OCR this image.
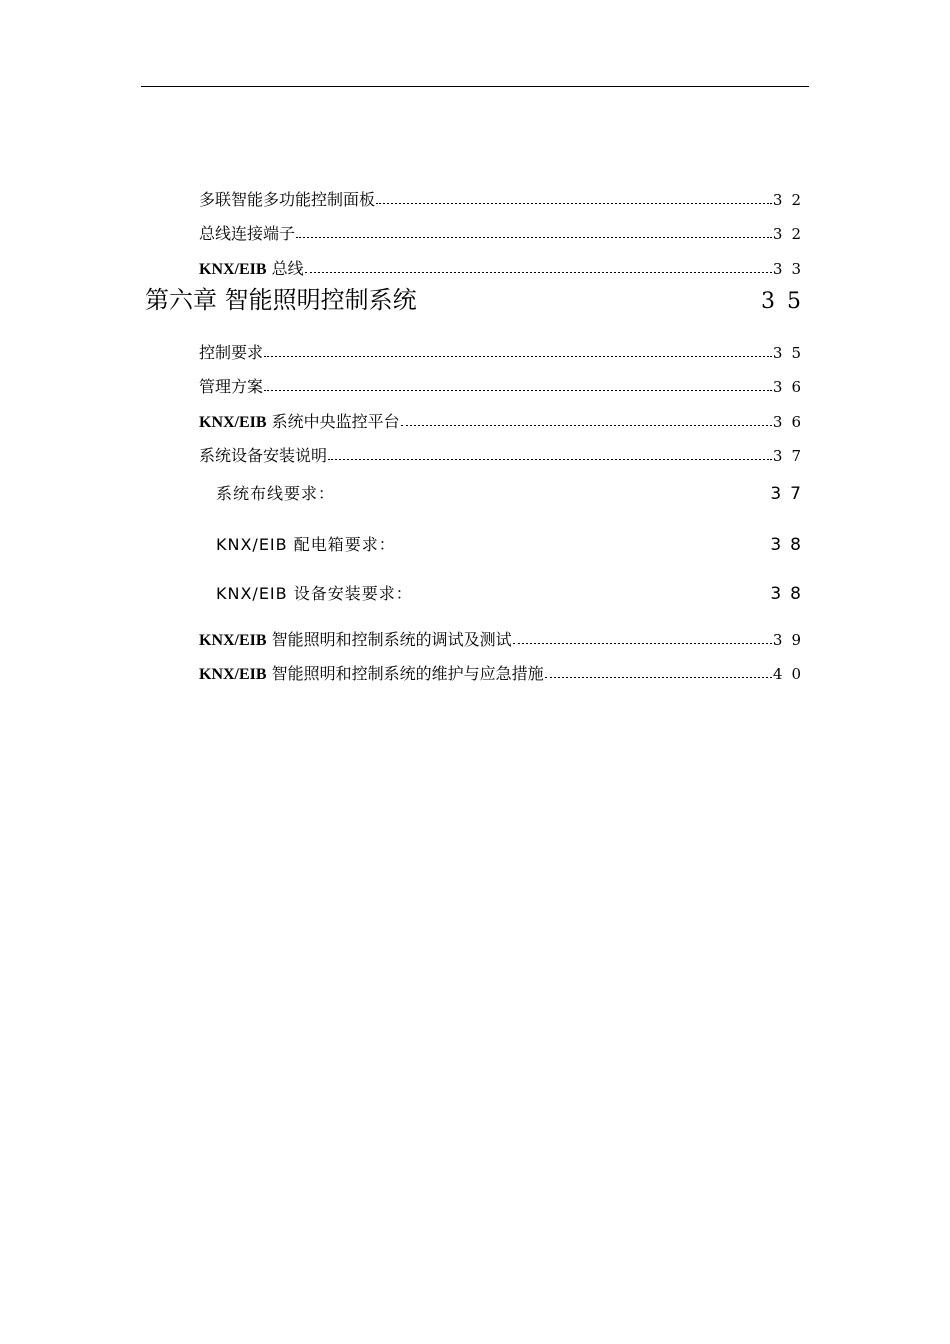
多联智能多功能控制面板	32
总线连接端子	32
KNX/EIB 总线	33
第六章 智能照明控制系统	35
控制要求	35
管理方案	36
KNX/EIB 系统中央监控平台	36
系统设备安装说明	37
系统布线要求：	37
KNX/EIB 配电箱要求：	38
KNX/EIB 设备安装要求：	38
KNX/EIB 智能照明和控制系统的调试及测试	39
KNX/EIB 智能照明和控制系统的维护与应急措施	40
